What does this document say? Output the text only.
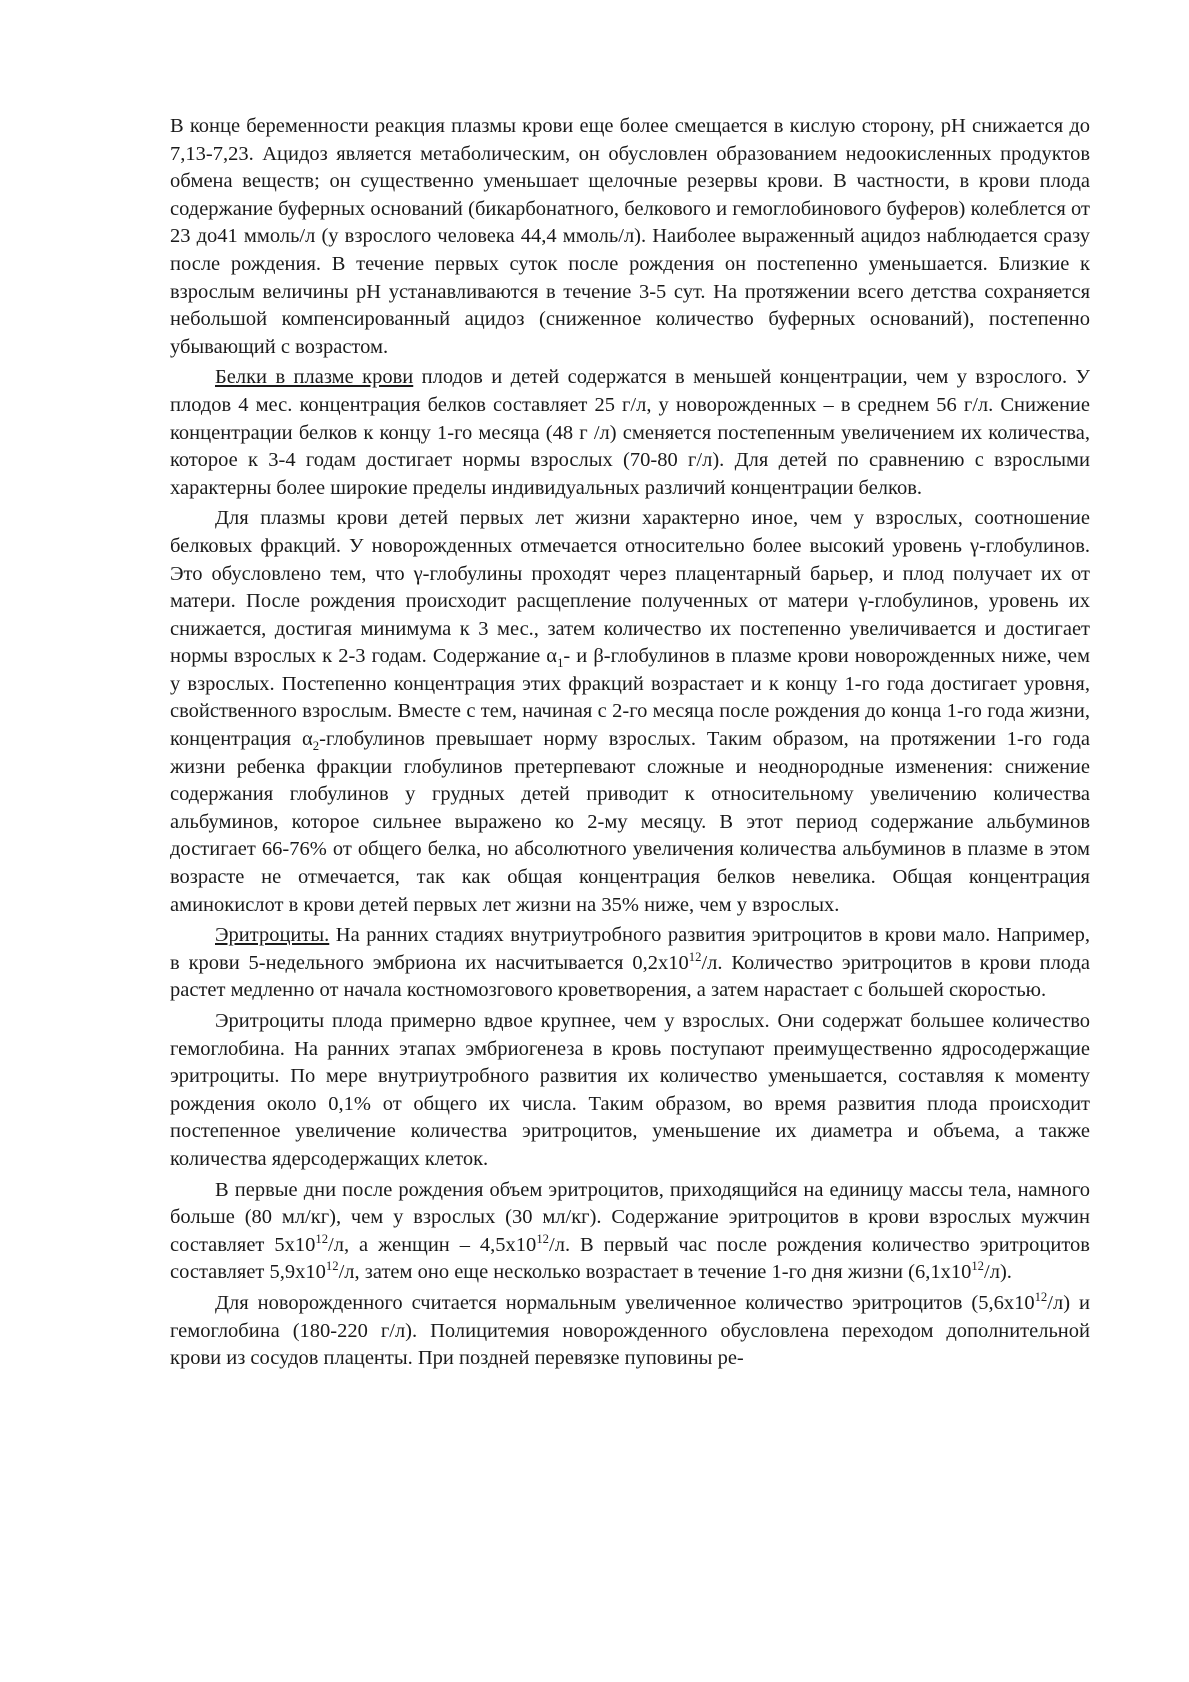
В конце беременности реакция плазмы крови еще более смещается в кислую сторону, pH снижается до 7,13-7,23. Ацидоз является метаболическим, он обусловлен образованием недоокисленных продуктов обмена веществ; он существенно уменьшает щелочные резервы крови. В частности, в крови плода содержание буферных оснований (бикарбонатного, белкового и гемоглобинового буферов) колеблется от 23 до41 ммоль/л (у взрослого человека 44,4 ммоль/л). Наиболее выраженный ацидоз наблюдается сразу после рождения. В течение первых суток после рождения он постепенно уменьшается. Близкие к взрослым величины pH устанавливаются в течение 3-5 сут. На протяжении всего детства сохраняется небольшой компенсированный ацидоз (сниженное количество буферных оснований), постепенно убывающий с возрастом.

Белки в плазме крови плодов и детей содержатся в меньшей концентрации, чем у взрослого. У плодов 4 мес. концентрация белков составляет 25 г/л, у новорожденных – в среднем 56 г/л. Снижение концентрации белков к концу 1-го месяца (48 г /л) сменяется постепенным увеличением их количества, которое к 3-4 годам достигает нормы взрослых (70-80 г/л). Для детей по сравнению с взрослыми характерны более широкие пределы индивидуальных различий концентрации белков.

Для плазмы крови детей первых лет жизни характерно иное, чем у взрослых, соотношение белковых фракций. У новорожденных отмечается относительно более высокий уровень γ-глобулинов. Это обусловлено тем, что γ-глобулины проходят через плацентарный барьер, и плод получает их от матери. После рождения происходит расщепление полученных от матери γ-глобулинов, уровень их снижается, достигая минимума к 3 мес., затем количество их постепенно увеличивается и достигает нормы взрослых к 2-3 годам. Содержание $\alpha_1-$ и β-глобулинов в плазме крови новорожденных ниже, чем у взрослых. Постепенно концентрация этих фракций возрастает и к концу 1-го года достигает уровня, свойственного взрослым. Вместе с тем, начиная с 2-го месяца после рождения до конца 1-го года жизни, концентрация $\alpha_2$-глобулинов превышает норму взрослых. Таким образом, на протяжении 1-го года жизни ребенка фракции глобулинов претерпевают сложные и неоднородные изменения: снижение содержания глобулинов у грудных детей приводит к относительному увеличению количества альбуминов, которое сильнее выражено ко 2-му месяцу. В этот период содержание альбуминов достигает 66-76% от общего белка, но абсолютного увеличения количества альбуминов в плазме в этом возрасте не отмечается, так как общая концентрация белков невелика. Общая концентрация аминокислот в крови детей первых лет жизни на 35% ниже, чем у взрослых.

Эритроциты. На ранних стадиях внутриутробного развития эритроцитов в крови мало. Например, в крови 5-недельного эмбриона их насчитывается $0,2х10^{12}/л$. Количество эритроцитов в крови плода растет медленно от начала костномозгового кроветворения, а затем нарастает с большей скоростью.

Эритроциты плода примерно вдвое крупнее, чем у взрослых. Они содержат большее количество гемоглобина. На ранних этапах эмбриогенеза в кровь поступают преимущественно ядросодержащие эритроциты. По мере внутриутробного развития их количество уменьшается, составляя к моменту рождения около 0,1% от общего их числа. Таким образом, во время развития плода происходит постепенное увеличение количества эритроцитов, уменьшение их диаметра и объема, а также количества ядерсодержащих клеток.

В первые дни после рождения объем эритроцитов, приходящийся на единицу массы тела, намного больше (80 мл/кг), чем у взрослых (30 мл/кг). Содержание эритроцитов в крови взрослых мужчин составляет $5х10^{12}/л$, а женщин – $4,5х10^{12}/л$. В первый час после рождения количество эритроцитов составляет $5,9х10^{12}/л$, затем оно еще несколько возрастает в течение 1-го дня жизни $(6,1х10^{12}/л)$.

Для новорожденного считается нормальным увеличенное количество эритроцитов $(5,6х10^{12}/л)$ и гемоглобина (180-220 г/л). Полицитемия новорожденного обусловлена переходом дополнительной крови из сосудов плаценты. При поздней перевязке пуповины ре-
